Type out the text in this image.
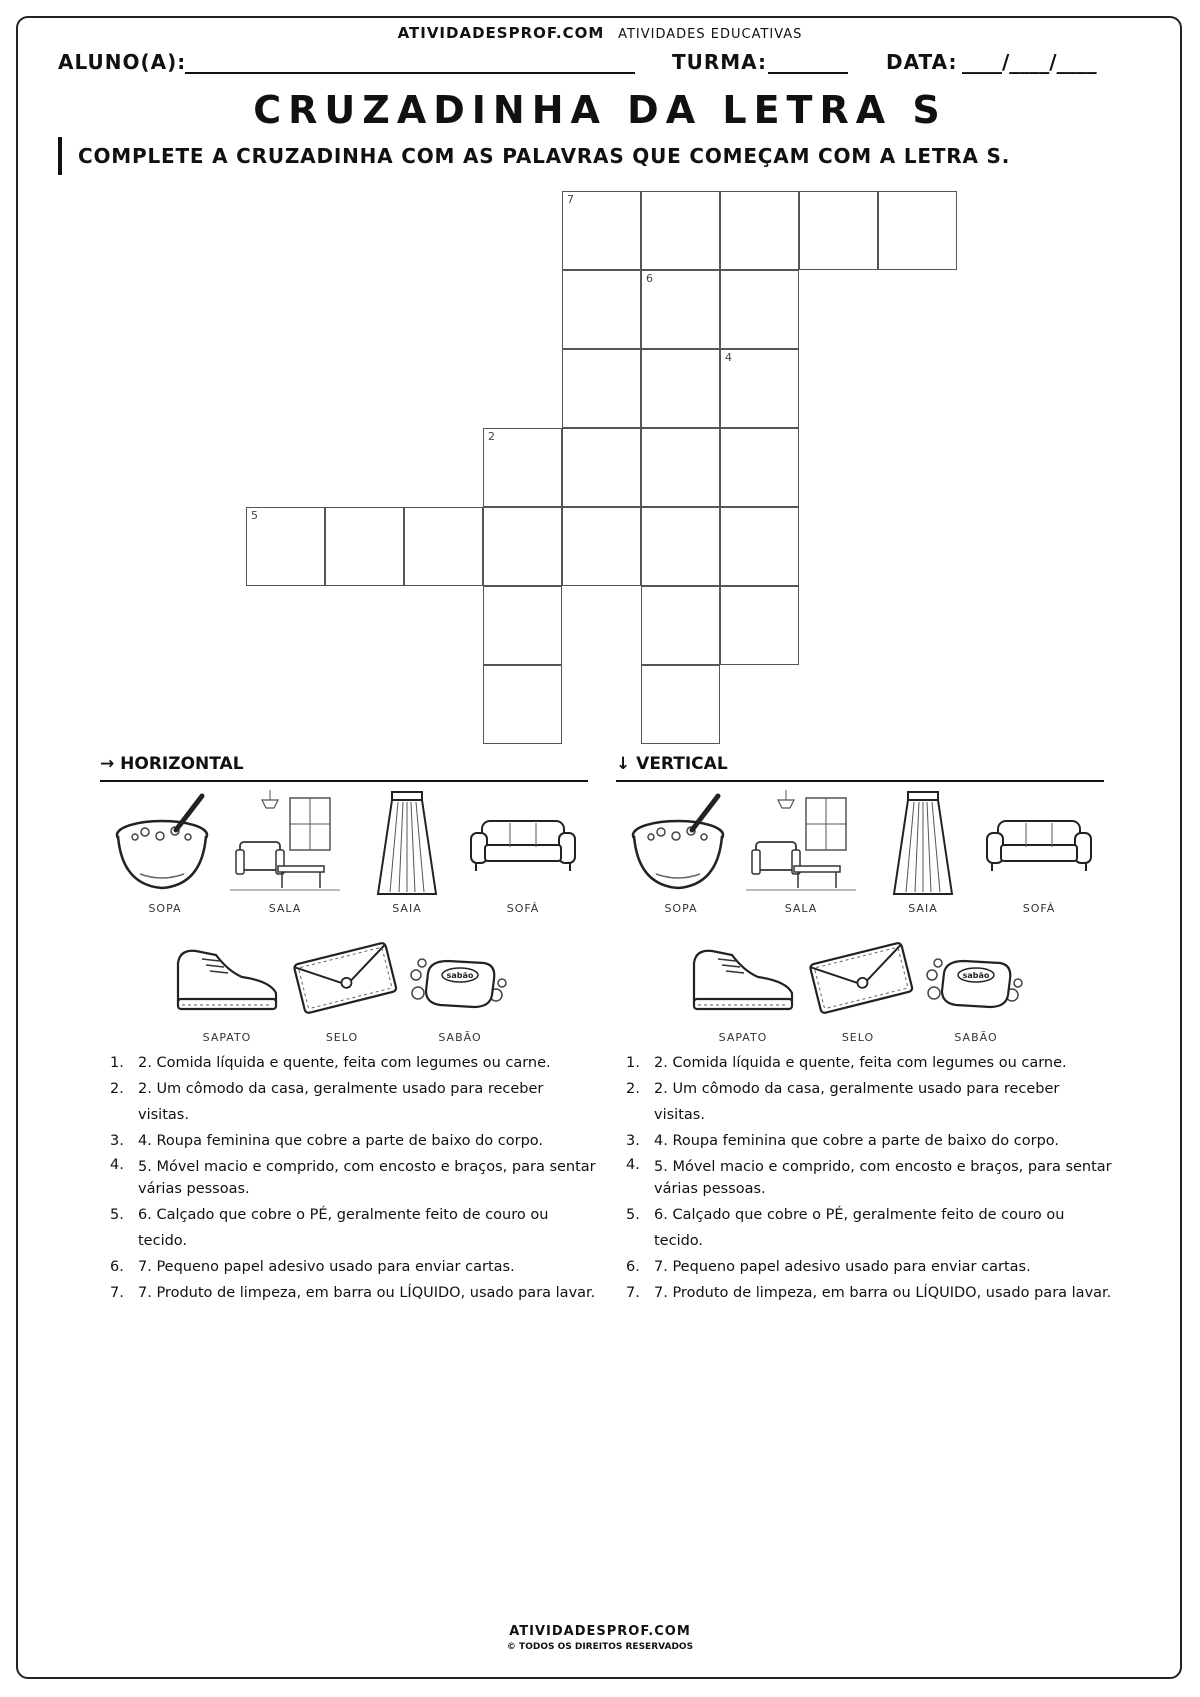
ATIVIDADESPROF.COM ATIVIDADES EDUCATIVAS
ALUNO(A):	TURMA:	DATA: ____/____/____
CRUZADINHA DA LETRA S
COMPLETE A CRUZADINHA COM AS PALAVRAS QUE COMEÇAM COM A LETRA S.
7
6
4
2
5
→ HORIZONTAL	↓ VERTICAL
SOPA	SALA	SAIA	SOFÁ
SAPATO	SELO
sabão
SABÃO
SOPA	SALA	SAIA	SOFÁ
SAPATO	SELO
sabão
SABÃO
1. 2. Comida líquida e quente, feita com legumes ou carne.
2. 2. Um cômodo da casa, geralmente usado para receber visitas.
3. 4. Roupa feminina que cobre a parte de baixo do corpo.
4. 5. Móvel macio e comprido, com encosto e braços, para sentar várias pessoas.
5. 6. Calçado que cobre o PÉ, geralmente feito de couro ou tecido.
6. 7. Pequeno papel adesivo usado para enviar cartas.
7. 7. Produto de limpeza, em barra ou LÍQUIDO, usado para lavar.
1. 2. Comida líquida e quente, feita com legumes ou carne.
2. 2. Um cômodo da casa, geralmente usado para receber visitas.
3. 4. Roupa feminina que cobre a parte de baixo do corpo.
4. 5. Móvel macio e comprido, com encosto e braços, para sentar várias pessoas.
5. 6. Calçado que cobre o PÉ, geralmente feito de couro ou tecido.
6. 7. Pequeno papel adesivo usado para enviar cartas.
7. 7. Produto de limpeza, em barra ou LÍQUIDO, usado para lavar.
ATIVIDADESPROF.COM
© TODOS OS DIREITOS RESERVADOS
